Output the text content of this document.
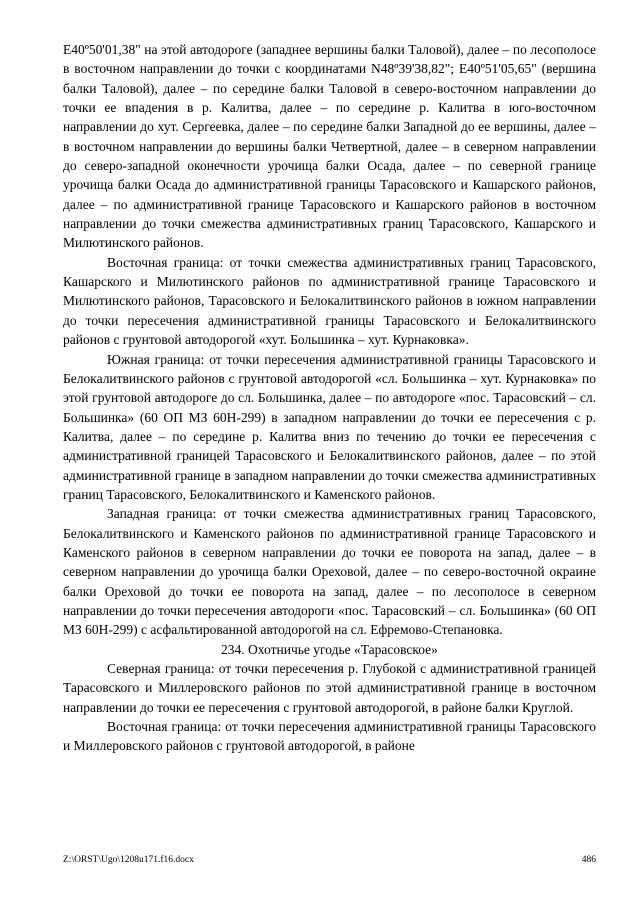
Е40º50'01,38" на этой автодороге (западнее вершины балки Таловой), далее – по лесополосе в восточном направлении до точки с координатами N48º39'38,82"; Е40º51'05,65" (вершина балки Таловой), далее – по середине балки Таловой в северо-восточном направлении до точки ее впадения в р. Калитва, далее – по середине р. Калитва в юго-восточном направлении до хут. Сергеевка, далее – по середине балки Западной до ее вершины, далее – в восточном направлении до вершины балки Четвертной, далее – в северном направлении до северо-западной оконечности урочища балки Осада, далее – по северной границе урочища балки Осада до административной границы Тарасовского и Кашарского районов, далее – по административной границе Тарасовского и Кашарского районов в восточном направлении до точки смежества административных границ Тарасовского, Кашарского и Милютинского районов.

Восточная граница: от точки смежества административных границ Тарасовского, Кашарского и Милютинского районов по административной границе Тарасовского и Милютинского районов, Тарасовского и Белокалитвинского районов в южном направлении до точки пересечения административной границы Тарасовского и Белокалитвинского районов с грунтовой автодорогой «хут. Большинка – хут. Курнаковка».

Южная граница: от точки пересечения административной границы Тарасовского и Белокалитвинского районов с грунтовой автодорогой «сл. Большинка – хут. Курнаковка» по этой грунтовой автодороге до сл. Большинка, далее – по автодороге «пос. Тарасовский – сл. Большинка» (60 ОП МЗ 60Н-299) в западном направлении до точки ее пересечения с р. Калитва, далее – по середине р. Калитва вниз по течению до точки ее пересечения с административной границей Тарасовского и Белокалитвинского районов, далее – по этой административной границе в западном направлении до точки смежества административных границ Тарасовского, Белокалитвинского и Каменского районов.

Западная граница: от точки смежества административных границ Тарасовского, Белокалитвинского и Каменского районов по административной границе Тарасовского и Каменского районов в северном направлении до точки ее поворота на запад, далее – в северном направлении до урочища балки Ореховой, далее – по северо-восточной окраине балки Ореховой до точки ее поворота на запад, далее – по лесополосе в северном направлении до точки пересечения автодороги «пос. Тарасовский – сл. Большинка» (60 ОП МЗ 60Н-299) с асфальтированной автодорогой на сл. Ефремово-Степановка.

234. Охотничье угодье «Тарасовское»

Северная граница: от точки пересечения р. Глубокой с административной границей Тарасовского и Миллеровского районов по этой административной границе в восточном направлении до точки ее пересечения с грунтовой автодорогой, в районе балки Круглой.

Восточная граница: от точки пересечения административной границы Тарасовского и Миллеровского районов с грунтовой автодорогой, в районе

Z:\ORST\Ugo\1208u171.f16.docx	486
